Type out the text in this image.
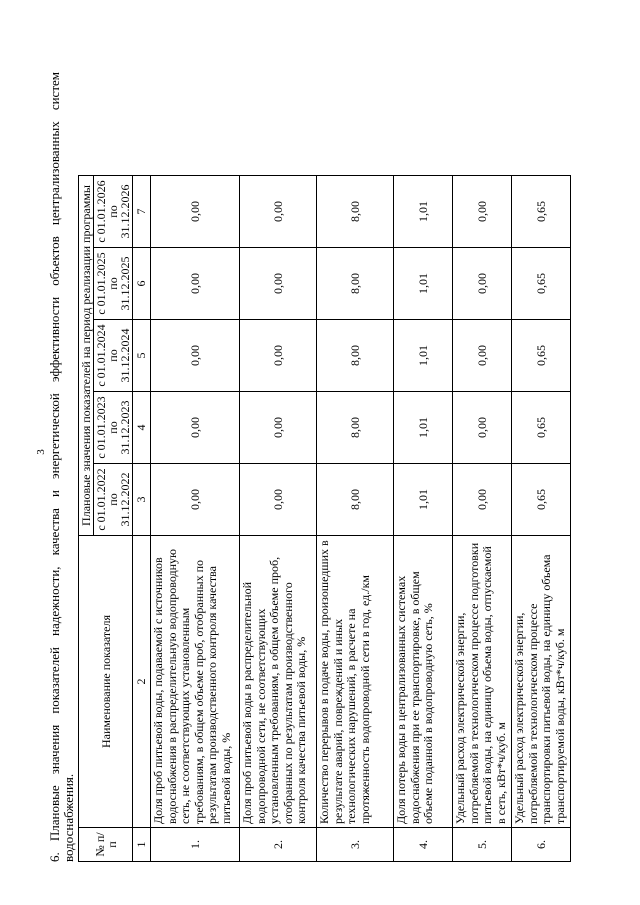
3 6. Плановые значения показателей надежности, качества и энергетической эффективности объектов централизованных систем водоснабжения. № п/п	Наименование показателя	Плановые значения показателей на период реализации программы				
		с 01.01.2022 по 31.12.2022	с 01.01.2023 по 31.12.2023	с 01.01.2024 по 31.12.2024	с 01.01.2025 по 31.12.2025	с 01.01.2026 по 31.12.2026
1	2	3	4	5	6	7
1.	Доля проб питьевой воды, подаваемой с источников водоснабжения в распределительную водопроводную сеть, не соответствующих установленным требованиям, в общем объеме проб, отобранных по результатам производственного контроля качества питьевой воды, %	0,00	0,00	0,00	0,00	0,00
2.	Доля проб питьевой воды в распределительной водопроводной сети, не соответствующих установленным требованиям, в общем объеме проб, отобранных по результатам производственного контроля качества питьевой воды, %	0,00	0,00	0,00	0,00	0,00
3.	Количество перерывов в подаче воды, произошедших в результате аварий, повреждений и иных технологических нарушений, в расчете на протяженность водопроводной сети в год, ед./км	8,00	8,00	8,00	8,00	8,00
4.	Доля потерь воды в централизованных системах водоснабжения при ее транспортировке, в общем объеме поданной в водопроводную сеть, %	1,01	1,01	1,01	1,01	1,01
5.	Удельный расход электрической энергии, потребляемой в технологическом процессе подготовки питьевой воды, на единицу объема воды, отпускаемой в сеть, кВт*ч/куб. м	0,00	0,00	0,00	0,00	0,00
6.	Удельный расход электрической энергии, потребляемой в технологическом процессе транспортировки питьевой воды, на единицу объема транспортируемой воды, кВт*ч/куб. м	0,65	0,65	0,65	0,65	0,65
